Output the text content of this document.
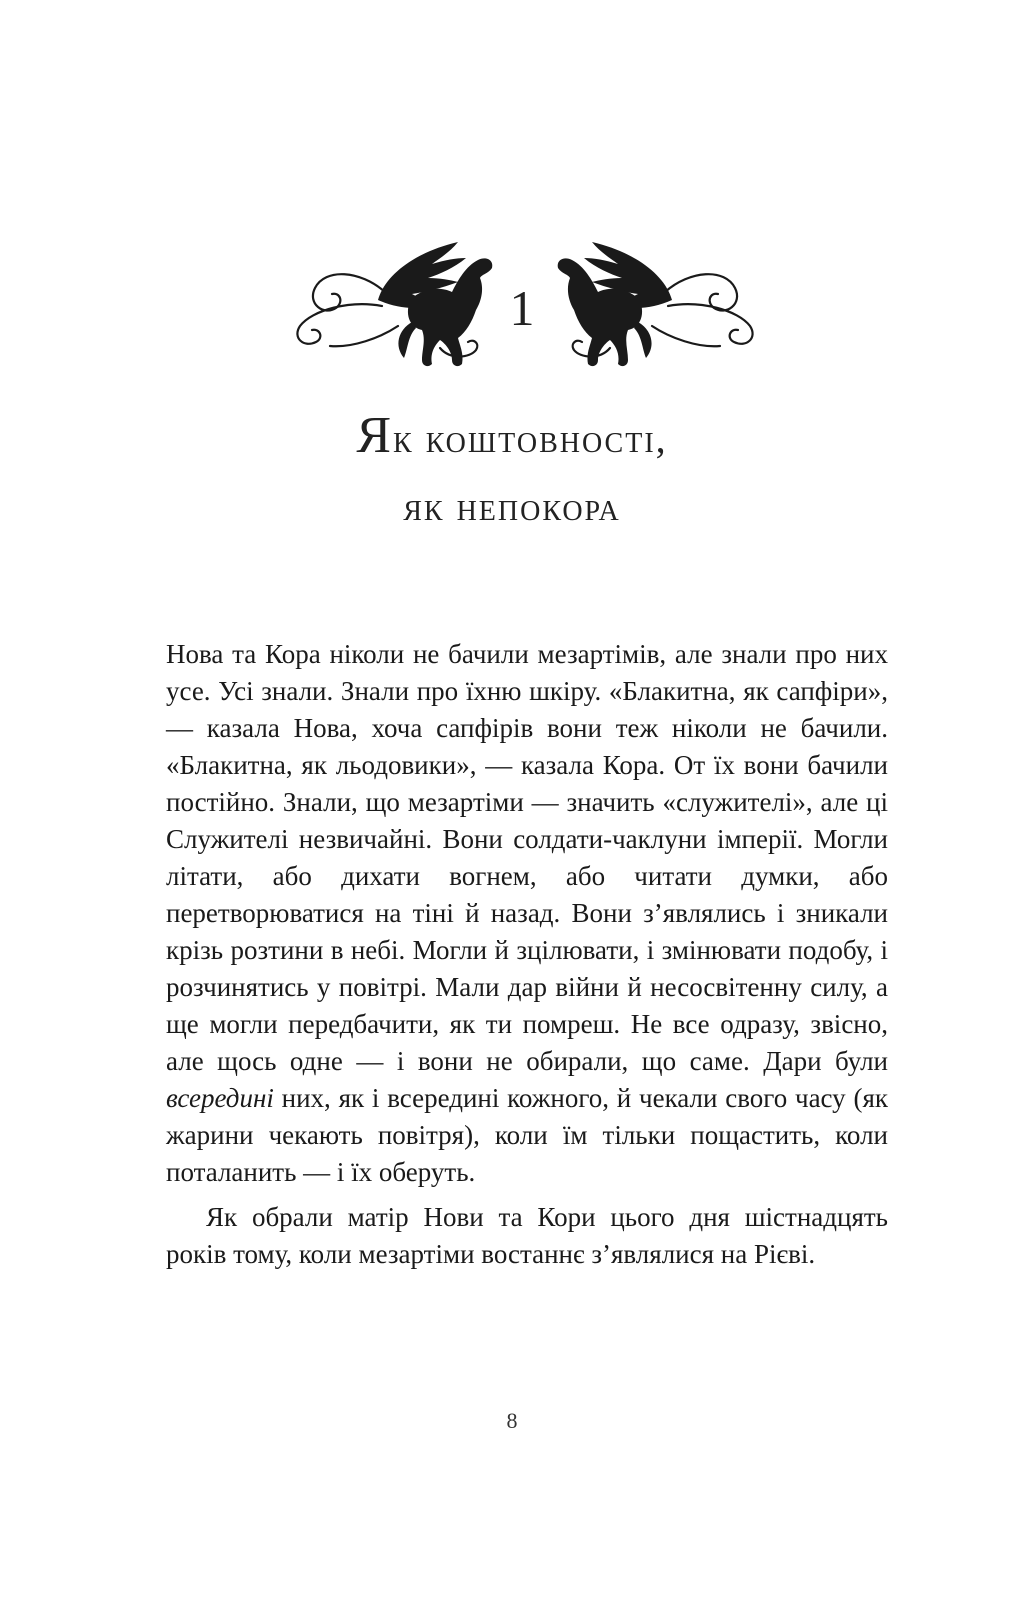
1
Як коштовності,
як непокора

Нова та Кора ніколи не бачили мезартімів, але знали про них усе. Усі знали. Знали про їхню шкіру. «Блакитна, як сапфіри», — казала Нова, хоча сапфірів вони теж ніколи не бачили. «Блакитна, як льодовики», — казала Кора. От їх вони бачили постійно. Знали, що мезартіми — значить «служителі», але ці Служителі незвичайні. Вони солдати-чаклуни імперії. Могли літати, або дихати вогнем, або читати думки, або перетворюватися на тіні й назад. Вони з’являлись і зникали крізь розтини в небі. Могли й зцілювати, і змінювати подобу, і розчинятись у повітрі. Мали дар війни й несосвітенну силу, а ще могли передбачити, як ти помреш. Не все одразу, звісно, але щось одне — і вони не обирали, що саме. Дари були всередині них, як і всередині кожного, й чекали свого часу (як жарини чекають повітря), коли їм тільки пощастить, коли поталанить — і їх оберуть.

Як обрали матір Нови та Кори цього дня шістнадцять років тому, коли мезартіми востаннє з’являлися на Рієві.

8
